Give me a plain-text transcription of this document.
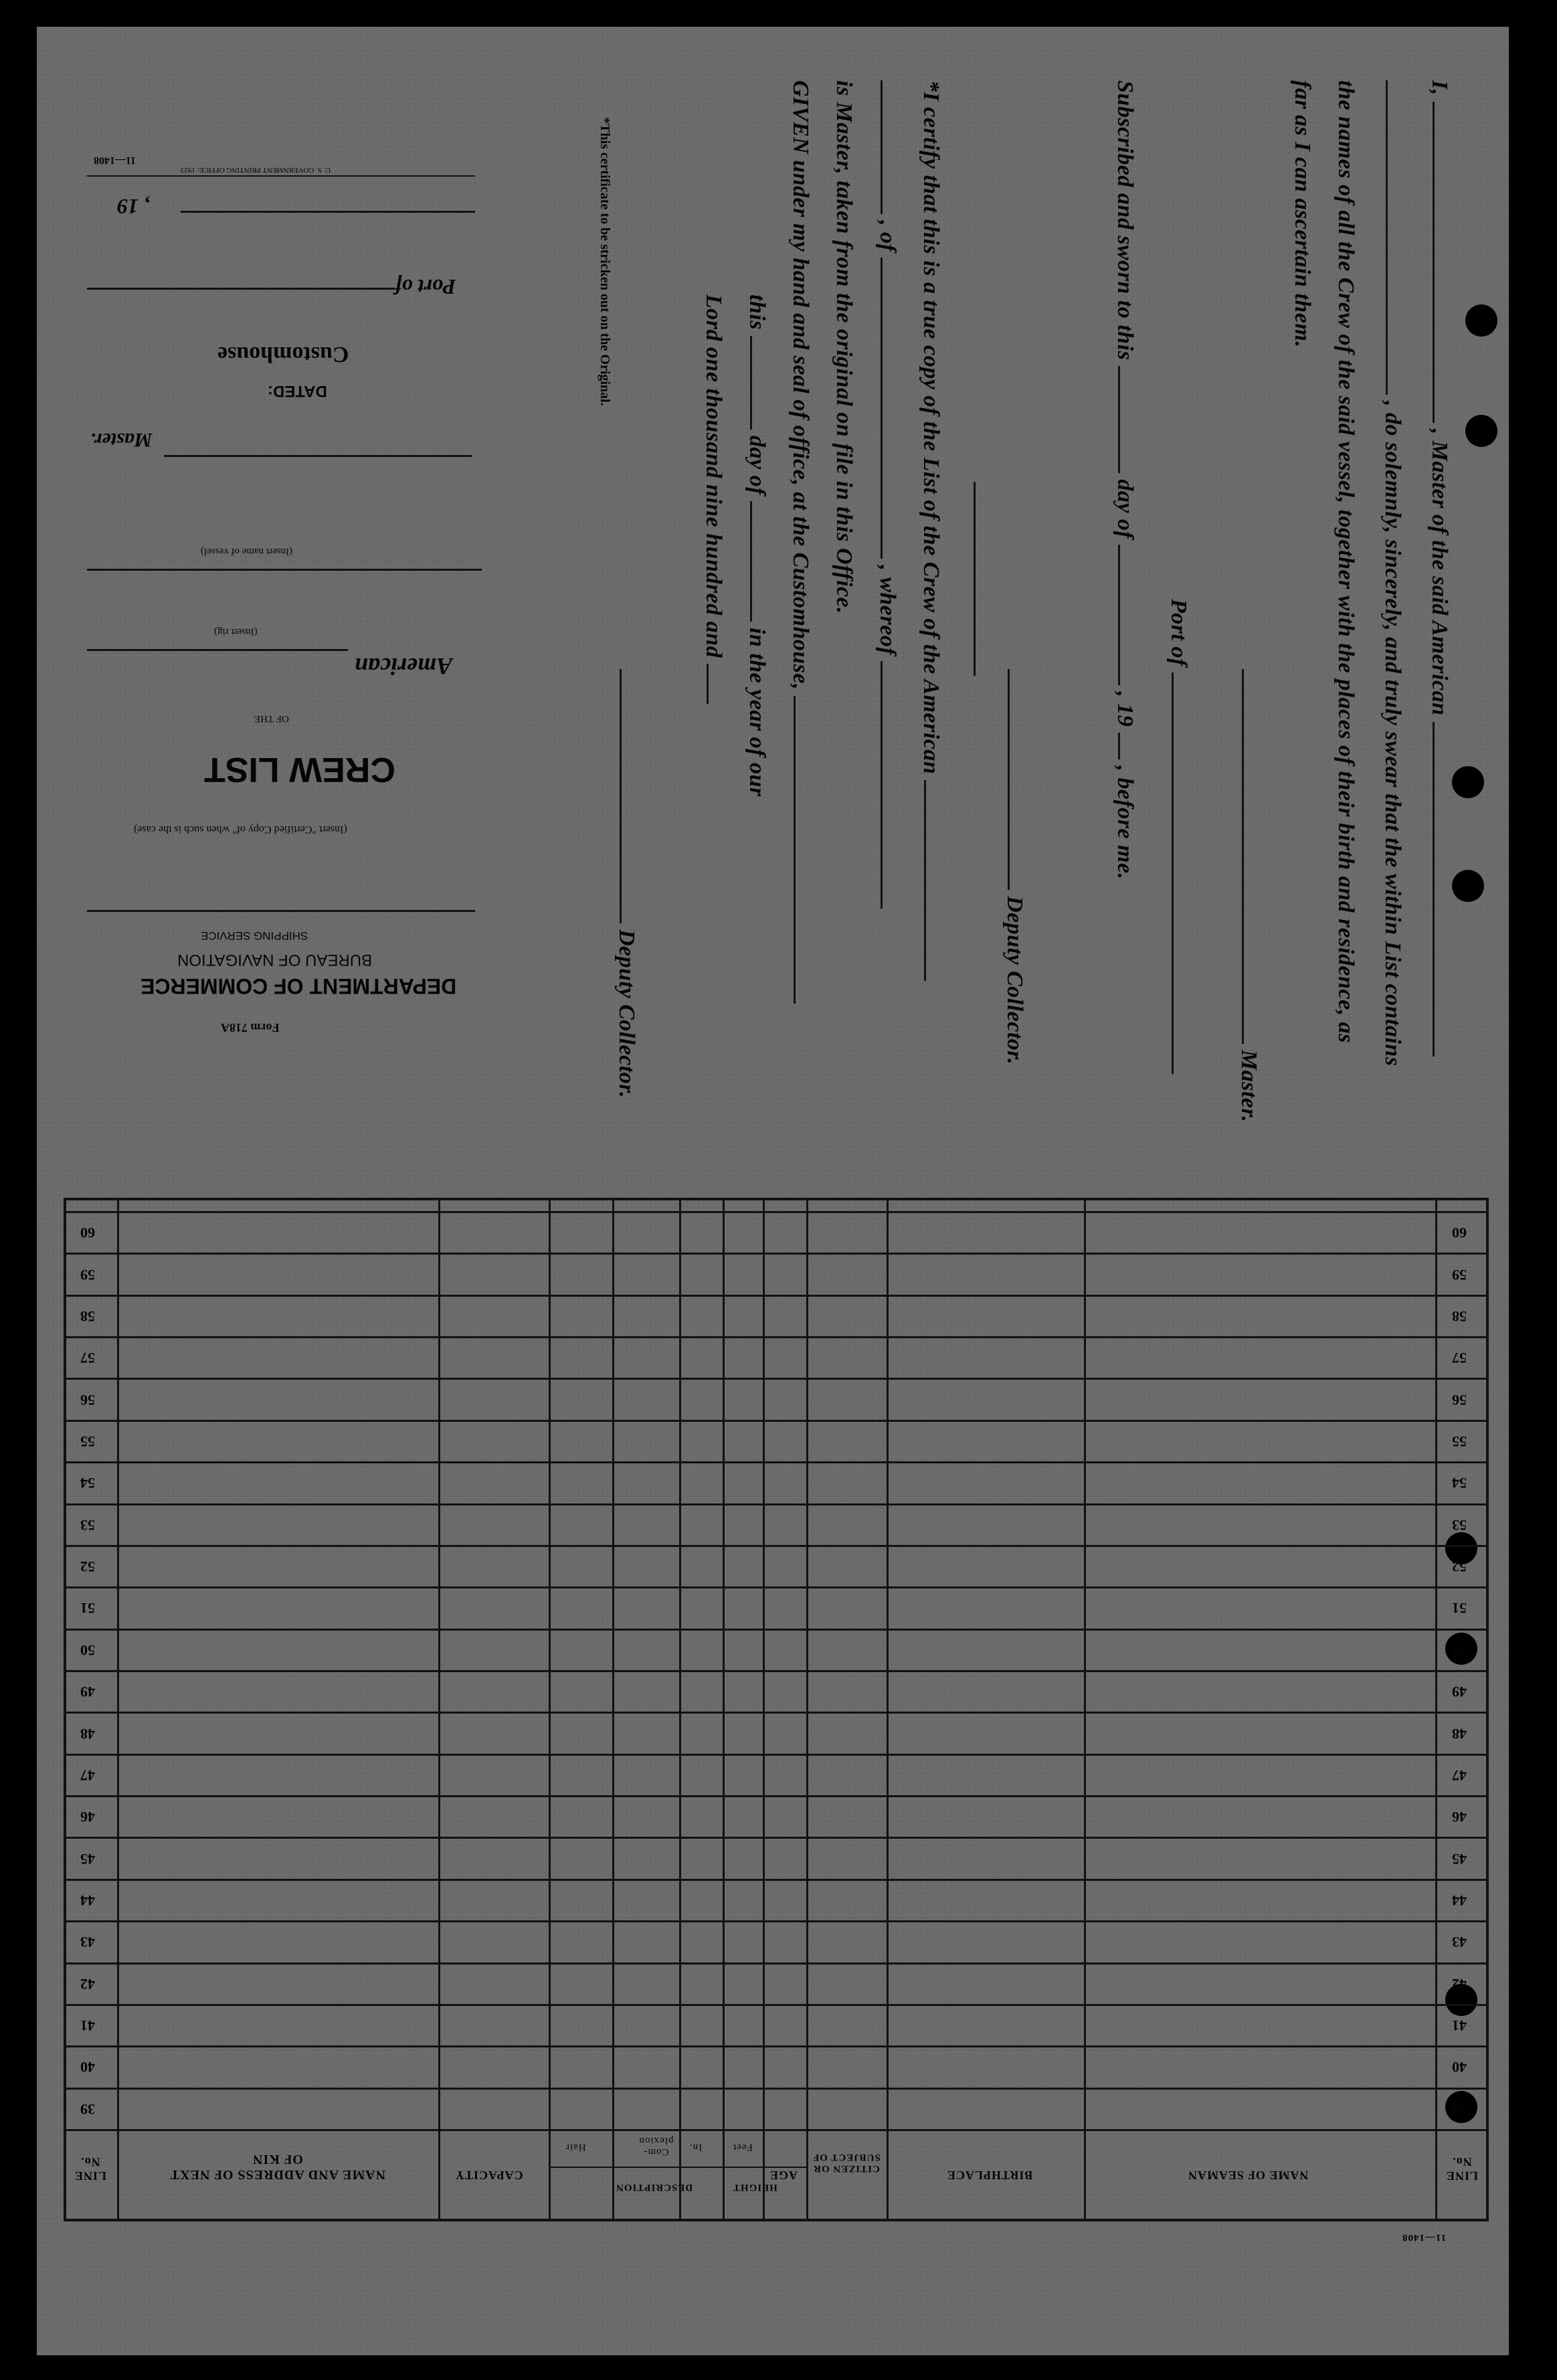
I,  , Master of the said American
, do solemnly, sincerely, and truly swear that the within List contains
the names of all the Crew of the said vessel, together with the places of their birth and residence, as
far as I can ascertain them.
Master.
Port of
Subscribed and sworn to this  day of  , 19  , before me.
Deputy Collector.
*I certify that this is a true copy of the List of the Crew of the American
, of  , whereof
is Master, taken from the original on file in this Office.
GIVEN under my hand and seal of office, at the Customhouse,
this  day of  in the year of our
Lord one thousand nine hundred and
Deputy Collector.
*This certificate to be stricken out on the Original.
Form 718A
DEPARTMENT OF COMMERCE
BUREAU OF NAVIGATION
SHIPPING SERVICE
(Insert "Certified Copy of" when such is the case)
CREW LIST
OF THE
American
(Insert rig)
(Insert name of vessel)
Master.
DATED:
Customhouse
Port of
, 19
U. S. GOVERNMENT PRINTING OFFICE: 1923
11—1408
39
39
40
40
41
41
42
42
43
43
44
44
45
45
46
46
47
47
48
48
49
49
50
50
51
51
52
52
53
53
54
54
55
55
56
56
57
57
58
58
59
59
60
60
LINE No.
NAME OF SEAMAN
BIRTHPLACE
CITIZEN OR SUBJECT OF
AGE
HEIGHT
Feet
In.
DESCRIPTION
Com- plexion
Hair
CAPACITY
NAME AND ADDRESS OF NEXT OF KIN
LINE No.
11—1408
